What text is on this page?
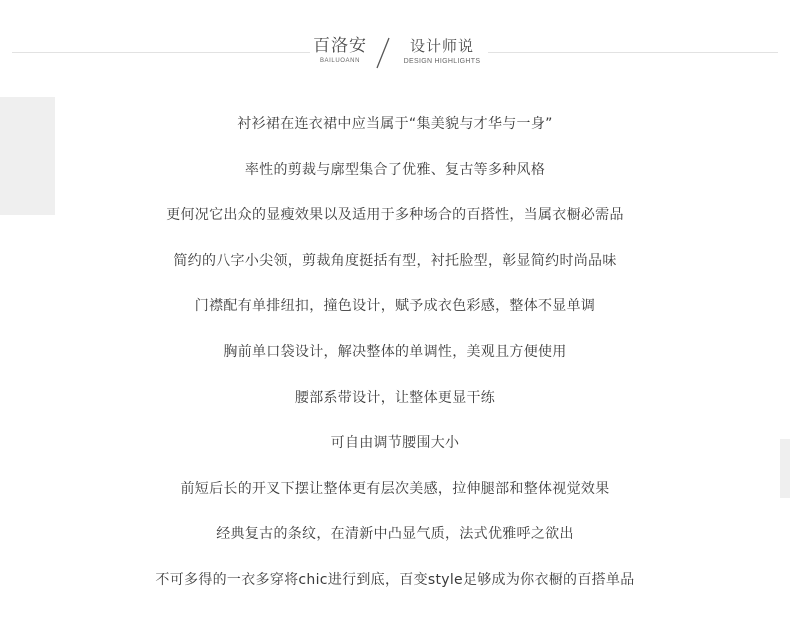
百洛安
BAILUOANN
设计师说
DESIGN HIGHLIGHTS
衬衫裙在连衣裙中应当属于“集美貌与才华与一身”
率性的剪裁与廓型集合了优雅、复古等多种风格
更何况它出众的显瘦效果以及适用于多种场合的百搭性，当属衣橱必需品
简约的八字小尖领，剪裁角度挺括有型，衬托脸型，彰显简约时尚品味
门襟配有单排纽扣，撞色设计，赋予成衣色彩感，整体不显单调
胸前单口袋设计，解决整体的单调性，美观且方便使用
腰部系带设计，让整体更显干练
可自由调节腰围大小
前短后长的开叉下摆让整体更有层次美感，拉伸腿部和整体视觉效果
经典复古的条纹，在清新中凸显气质，法式优雅呼之欲出
不可多得的一衣多穿将chic进行到底，百变style足够成为你衣橱的百搭单品
